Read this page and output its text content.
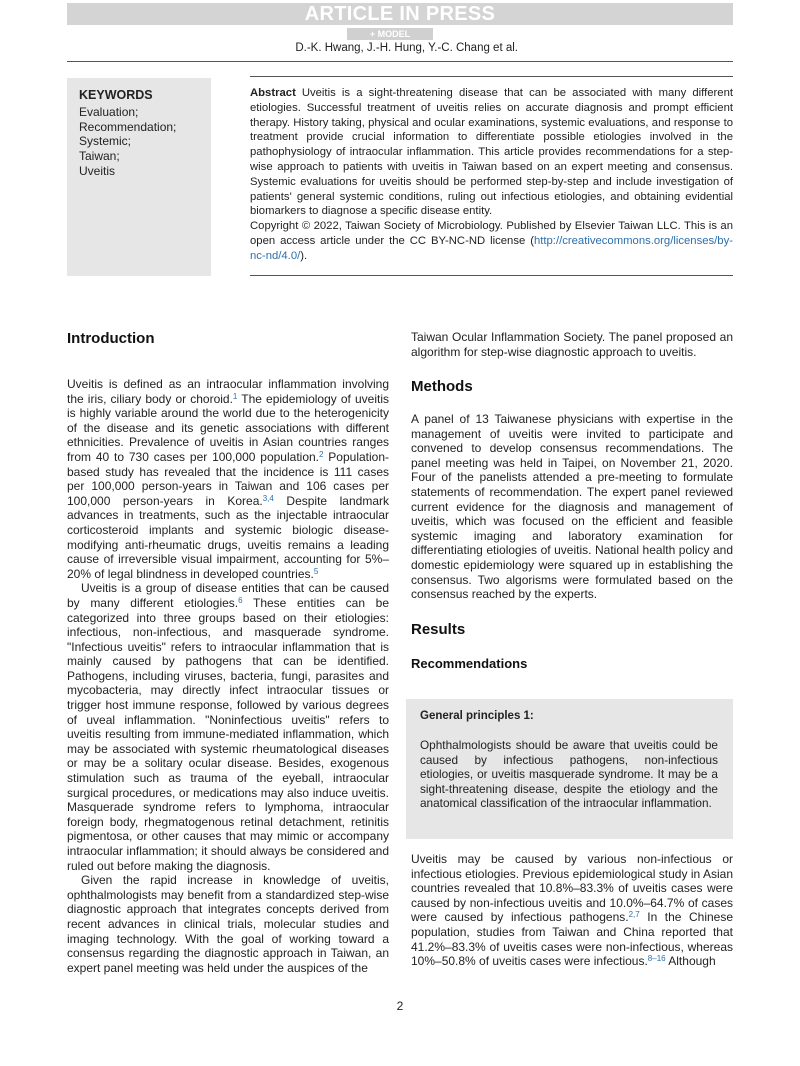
ARTICLE IN PRESS
+ MODEL
D.-K. Hwang, J.-H. Hung, Y.-C. Chang et al.
KEYWORDS
Evaluation;
Recommendation;
Systemic;
Taiwan;
Uveitis
Abstract Uveitis is a sight-threatening disease that can be associated with many different etiologies. Successful treatment of uveitis relies on accurate diagnosis and prompt efficient therapy. History taking, physical and ocular examinations, systemic evaluations, and response to treatment provide crucial information to differentiate possible etiologies involved in the pathophysiology of intraocular inflammation. This article provides recommendations for a step-wise approach to patients with uveitis in Taiwan based on an expert meeting and consensus. Systemic evaluations for uveitis should be performed step-by-step and include investigation of patients' general systemic conditions, ruling out infectious etiologies, and obtaining evidential biomarkers to diagnose a specific disease entity.
Copyright © 2022, Taiwan Society of Microbiology. Published by Elsevier Taiwan LLC. This is an open access article under the CC BY-NC-ND license (http://creativecommons.org/licenses/by-nc-nd/4.0/).
Introduction

Uveitis is defined as an intraocular inflammation involving the iris, ciliary body or choroid.$^1$ The epidemiology of uveitis is highly variable around the world due to the heterogenicity of the disease and its genetic associations with different ethnicities. Prevalence of uveitis in Asian countries ranges from 40 to 730 cases per 100,000 population.$^2$ Population-based study has revealed that the incidence is 111 cases per 100,000 person-years in Taiwan and 106 cases per 100,000 person-years in Korea.$^{3,4}$ Despite landmark advances in treatments, such as the injectable intraocular corticosteroid implants and systemic biologic disease-modifying anti-rheumatic drugs, uveitis remains a leading cause of irreversible visual impairment, accounting for 5%–20% of legal blindness in developed countries.$^5$

Uveitis is a group of disease entities that can be caused by many different etiologies.$^6$ These entities can be categorized into three groups based on their etiologies: infectious, non-infectious, and masquerade syndrome. "Infectious uveitis" refers to intraocular inflammation that is mainly caused by pathogens that can be identified. Pathogens, including viruses, bacteria, fungi, parasites and mycobacteria, may directly infect intraocular tissues or trigger host immune response, followed by various degrees of uveal inflammation. "Noninfectious uveitis" refers to uveitis resulting from immune-mediated inflammation, which may be associated with systemic rheumatological diseases or may be a solitary ocular disease. Besides, exogenous stimulation such as trauma of the eyeball, intraocular surgical procedures, or medications may also induce uveitis. Masquerade syndrome refers to lymphoma, intraocular foreign body, rhegmatogenous retinal detachment, retinitis pigmentosa, or other causes that may mimic or accompany intraocular inflammation; it should always be considered and ruled out before making the diagnosis.

Given the rapid increase in knowledge of uveitis, ophthalmologists may benefit from a standardized step-wise diagnostic approach that integrates concepts derived from recent advances in clinical trials, molecular studies and imaging technology. With the goal of working toward a consensus regarding the diagnostic approach in Taiwan, an expert panel meeting was held under the auspices of the

Taiwan Ocular Inflammation Society. The panel proposed an algorithm for step-wise diagnostic approach to uveitis.
Methods
A panel of 13 Taiwanese physicians with expertise in the management of uveitis were invited to participate and convened to develop consensus recommendations. The panel meeting was held in Taipei, on November 21, 2020. Four of the panelists attended a pre-meeting to formulate statements of recommendation. The expert panel reviewed current evidence for the diagnosis and management of uveitis, which was focused on the efficient and feasible systemic imaging and laboratory examination for differentiating etiologies of uveitis. National health policy and domestic epidemiology were squared up in establishing the consensus. Two algorisms were formulated based on the consensus reached by the experts.
Results
Recommendations
General principles 1:
Ophthalmologists should be aware that uveitis could be caused by infectious pathogens, non-infectious etiologies, or uveitis masquerade syndrome. It may be a sight-threatening disease, despite the etiology and the anatomical classification of the intraocular inflammation.

Uveitis may be caused by various non-infectious or infectious etiologies. Previous epidemiological study in Asian countries revealed that 10.8%–83.3% of uveitis cases were caused by non-infectious uveitis and 10.0%–64.7% of cases were caused by infectious pathogens.$^{2,7}$ In the Chinese population, studies from Taiwan and China reported that 41.2%–83.3% of uveitis cases were non-infectious, whereas 10%–50.8% of uveitis cases were infectious.$^{8-16}$ Although

2
